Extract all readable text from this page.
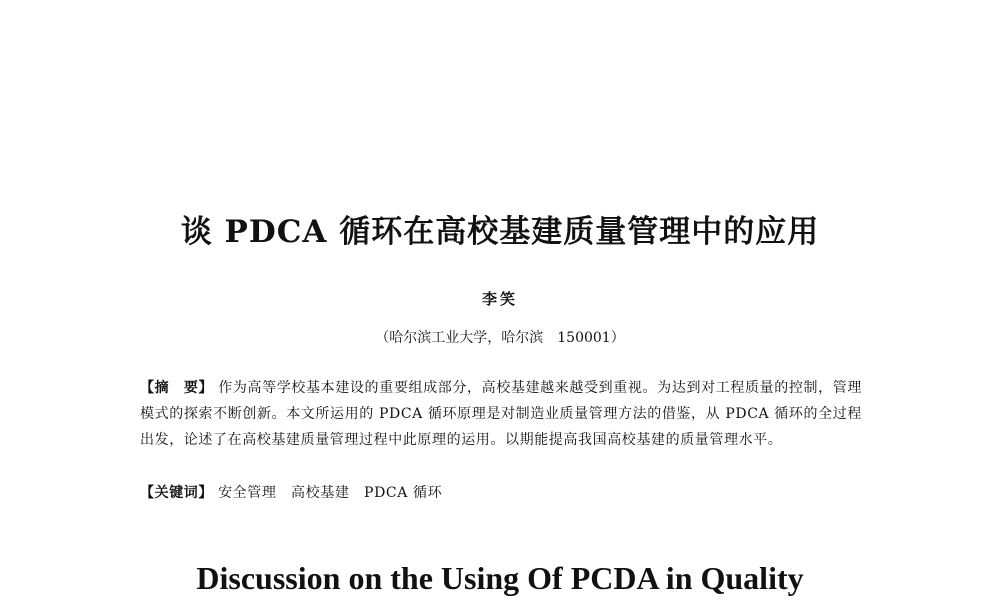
谈 PDCA 循环在高校基建质量管理中的应用
李笑
（哈尔滨工业大学，哈尔滨　150001）
【摘　要】 作为高等学校基本建设的重要组成部分，高校基建越来越受到重视。为达到对工程质量的控制，管理模式的探索不断创新。本文所运用的 PDCA 循环原理是对制造业质量管理方法的借鉴，从 PDCA 循环的全过程出发，论述了在高校基建质量管理过程中此原理的运用。以期能提高我国高校基建的质量管理水平。
【关键词】 安全管理　高校基建　PDCA 循环
Discussion on the Using Of PCDA in Quality
